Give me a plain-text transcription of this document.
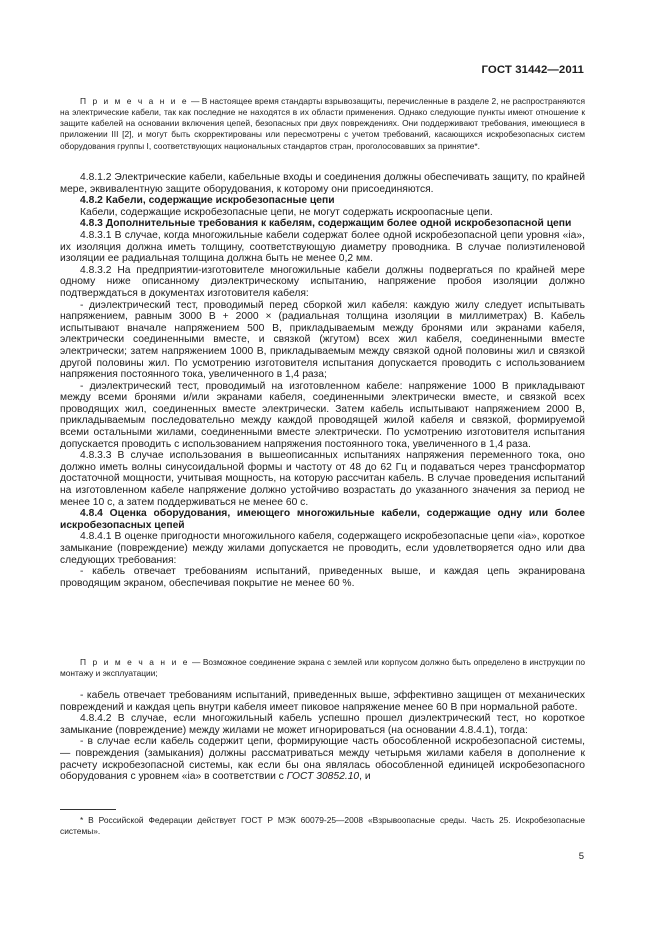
ГОСТ 31442—2011

П р и м е ч а н и е — В настоящее время стандарты взрывозащиты, перечисленные в разделе 2, не распространяются на электрические кабели, так как последние не находятся в их области применения. Однако следующие пункты имеют отношение к защите кабелей на основании включения цепей, безопасных при двух повреждениях. Они поддерживают требования, имеющиеся в приложении III [2], и могут быть скорректированы или пересмотрены с учетом требований, касающихся искробезопасных систем оборудования группы I, соответствующих национальных стандартов стран, проголосовавших за принятие*.

4.8.1.2 Электрические кабели, кабельные входы и соединения должны обеспечивать защиту, по крайней мере, эквивалентную защите оборудования, к которому они присоединяются.

4.8.2 Кабели, содержащие искробезопасные цепи

Кабели, содержащие искробезопасные цепи, не могут содержать искроопасные цепи.

4.8.3 Дополнительные требования к кабелям, содержащим более одной искробезопасной цепи

4.8.3.1 В случае, когда многожильные кабели содержат более одной искробезопасной цепи уровня «ia», их изоляция должна иметь толщину, соответствующую диаметру проводника. В случае полиэтиленовой изоляции ее радиальная толщина должна быть не менее 0,2 мм.

4.8.3.2 На предприятии-изготовителе многожильные кабели должны подвергаться по крайней мере одному ниже описанному диэлектрическому испытанию, напряжение пробоя изоляции должно подтверждаться в документах изготовителя кабеля:

- диэлектрический тест, проводимый перед сборкой жил кабеля: каждую жилу следует испытывать напряжением, равным 3000 В + 2000 × (радиальная толщина изоляции в миллиметрах) В. Кабель испытывают вначале напряжением 500 В, прикладываемым между бронями или экранами кабеля, электрически соединенными вместе, и связкой (жгутом) всех жил кабеля, соединенными вместе электрически; затем напряжением 1000 В, прикладываемым между связкой одной половины жил и связкой другой половины жил. По усмотрению изготовителя испытания допускается проводить с использованием напряжения постоянного тока, увеличенного в 1,4 раза;

- диэлектрический тест, проводимый на изготовленном кабеле: напряжение 1000 В прикладывают между всеми бронями и/или экранами кабеля, соединенными электрически вместе, и связкой всех проводящих жил, соединенных вместе электрически. Затем кабель испытывают напряжением 2000 В, прикладываемым последовательно между каждой проводящей жилой кабеля и связкой, формируемой всеми остальными жилами, соединенными вместе электрически. По усмотрению изготовителя испытания допускается проводить с использованием напряжения постоянного тока, увеличенного в 1,4 раза.

4.8.3.3 В случае использования в вышеописанных испытаниях напряжения переменного тока, оно должно иметь волны синусоидальной формы и частоту от 48 до 62 Гц и подаваться через трансформатор достаточной мощности, учитывая мощность, на которую рассчитан кабель. В случае проведения испытаний на изготовленном кабеле напряжение должно устойчиво возрастать до указанного значения за период не менее 10 с, а затем поддерживаться не менее 60 с.

4.8.4 Оценка оборудования, имеющего многожильные кабели, содержащие одну или более искробезопасных цепей

4.8.4.1 В оценке пригодности многожильного кабеля, содержащего искробезопасные цепи «ia», короткое замыкание (повреждение) между жилами допускается не проводить, если удовлетворяется одно или два следующих требования:

- кабель отвечает требованиям испытаний, приведенных выше, и каждая цепь экранирована проводящим экраном, обеспечивая покрытие не менее 60 %.

П р и м е ч а н и е — Возможное соединение экрана с землей или корпусом должно быть определено в инструкции по монтажу и эксплуатации;

- кабель отвечает требованиям испытаний, приведенных выше, эффективно защищен от механических повреждений и каждая цепь внутри кабеля имеет пиковое напряжение менее 60 В при нормальной работе.

4.8.4.2 В случае, если многожильный кабель успешно прошел диэлектрический тест, но короткое замыкание (повреждение) между жилами не может игнорироваться (на основании 4.8.4.1), тогда:

- в случае если кабель содержит цепи, формирующие часть обособленной искробезопасной системы, — повреждения (замыкания) должны рассматриваться между четырьмя жилами кабеля в дополнение к расчету искробезопасной системы, как если бы она являлась обособленной единицей искробезопасного оборудования с уровнем «ia» в соответствии с ГОСТ 30852.10, и

* В Российской Федерации действует ГОСТ Р МЭК 60079-25—2008 «Взрывоопасные среды. Часть 25. Искробезопасные системы».

5
